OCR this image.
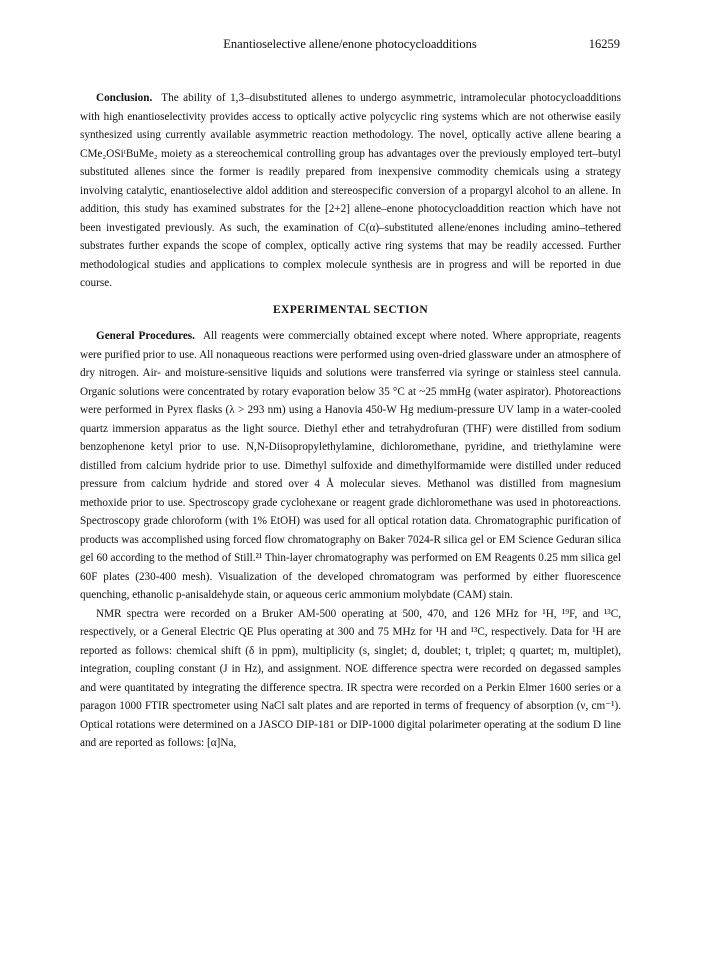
Enantioselective allene/enone photocycloadditions	16259

Conclusion. The ability of 1,3–disubstituted allenes to undergo asymmetric, intramolecular photocycloadditions with high enantioselectivity provides access to optically active polycyclic ring systems which are not otherwise easily synthesized using currently available asymmetric reaction methodology. The novel, optically active allene bearing a CMe₂OSiᵗBuMe₂ moiety as a stereochemical controlling group has advantages over the previously employed tert–butyl substituted allenes since the former is readily prepared from inexpensive commodity chemicals using a strategy involving catalytic, enantioselective aldol addition and stereospecific conversion of a propargyl alcohol to an allene. In addition, this study has examined substrates for the [2+2] allene–enone photocycloaddition reaction which have not been investigated previously. As such, the examination of C(α)–substituted allene/enones including amino–tethered substrates further expands the scope of complex, optically active ring systems that may be readily accessed. Further methodological studies and applications to complex molecule synthesis are in progress and will be reported in due course.

EXPERIMENTAL SECTION

General Procedures. All reagents were commercially obtained except where noted. Where appropriate, reagents were purified prior to use. All nonaqueous reactions were performed using oven-dried glassware under an atmosphere of dry nitrogen. Air- and moisture-sensitive liquids and solutions were transferred via syringe or stainless steel cannula. Organic solutions were concentrated by rotary evaporation below 35 °C at ~25 mmHg (water aspirator). Photoreactions were performed in Pyrex flasks (λ > 293 nm) using a Hanovia 450-W Hg medium-pressure UV lamp in a water-cooled quartz immersion apparatus as the light source. Diethyl ether and tetrahydrofuran (THF) were distilled from sodium benzophenone ketyl prior to use. N,N-Diisopropylethylamine, dichloromethane, pyridine, and triethylamine were distilled from calcium hydride prior to use. Dimethyl sulfoxide and dimethylformamide were distilled under reduced pressure from calcium hydride and stored over 4 Å molecular sieves. Methanol was distilled from magnesium methoxide prior to use. Spectroscopy grade cyclohexane or reagent grade dichloromethane was used in photoreactions. Spectroscopy grade chloroform (with 1% EtOH) was used for all optical rotation data. Chromatographic purification of products was accomplished using forced flow chromatography on Baker 7024-R silica gel or EM Science Geduran silica gel 60 according to the method of Still.²¹ Thin-layer chromatography was performed on EM Reagents 0.25 mm silica gel 60F plates (230-400 mesh). Visualization of the developed chromatogram was performed by either fluorescence quenching, ethanolic p-anisaldehyde stain, or aqueous ceric ammonium molybdate (CAM) stain.

NMR spectra were recorded on a Bruker AM-500 operating at 500, 470, and 126 MHz for ¹H, ¹⁹F, and ¹³C, respectively, or a General Electric QE Plus operating at 300 and 75 MHz for ¹H and ¹³C, respectively. Data for ¹H are reported as follows: chemical shift (δ in ppm), multiplicity (s, singlet; d, doublet; t, triplet; q quartet; m, multiplet), integration, coupling constant (J in Hz), and assignment. NOE difference spectra were recorded on degassed samples and were quantitated by integrating the difference spectra. IR spectra were recorded on a Perkin Elmer 1600 series or a paragon 1000 FTIR spectrometer using NaCl salt plates and are reported in terms of frequency of absorption (ν, cm⁻¹). Optical rotations were determined on a JASCO DIP-181 or DIP-1000 digital polarimeter operating at the sodium D line and are reported as follows: [α]Na,
